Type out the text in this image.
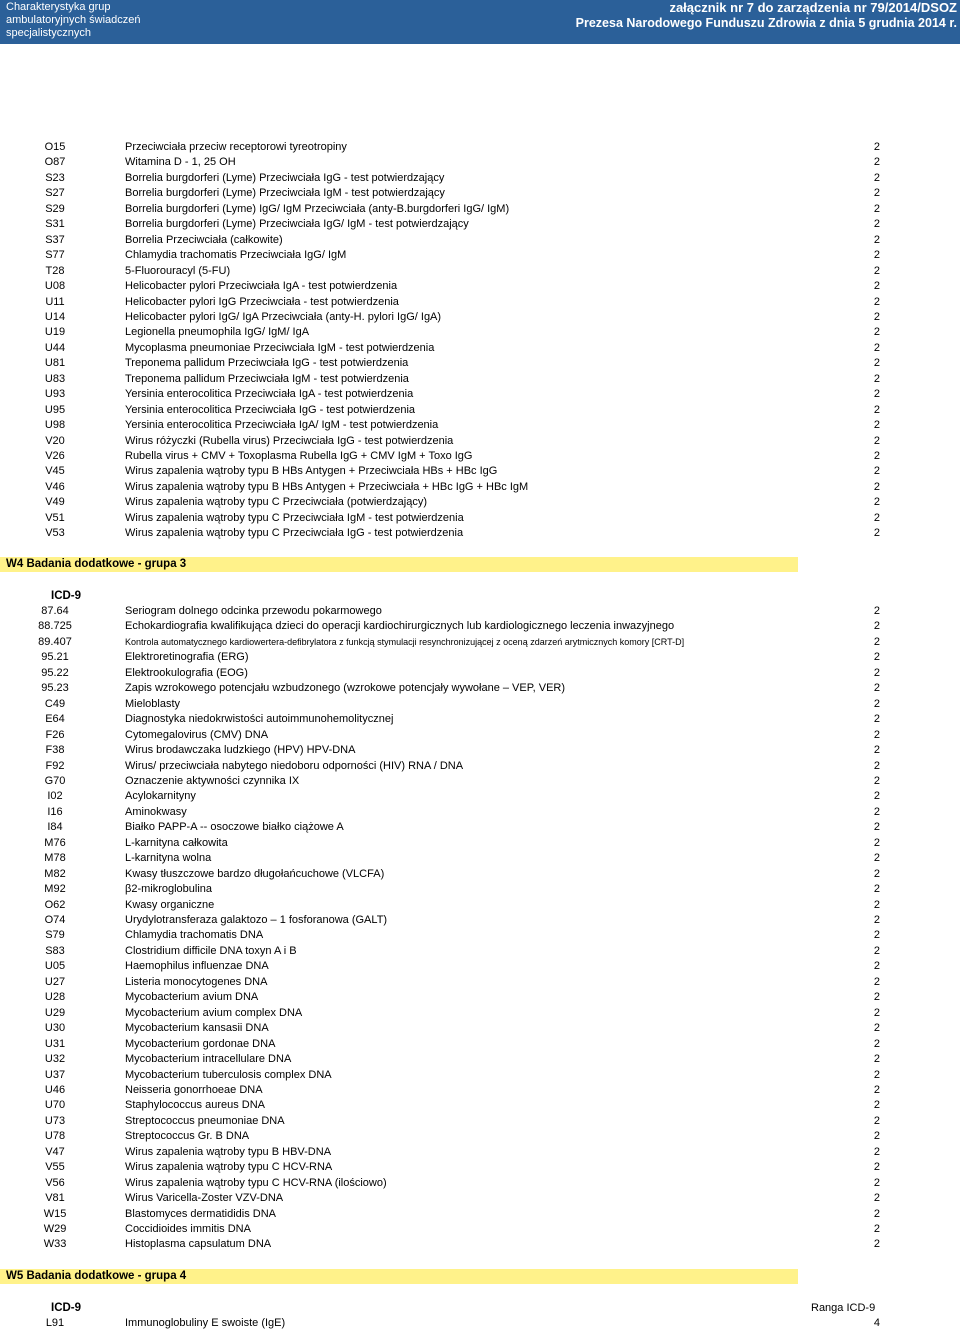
Charakterystyka grup
ambulatoryjnych świadczeń
specjalistycznych
załącznik nr 7 do zarządzenia nr 79/2014/DSOZ
Prezesa Narodowego Funduszu Zdrowia z dnia 5 grudnia 2014 r.
O15	Przeciwciała przeciw receptorowi tyreotropiny	2
O87	Witamina D - 1, 25 OH	2
S23	Borrelia burgdorferi (Lyme) Przeciwciała IgG - test potwierdzający	2
S27	Borrelia burgdorferi (Lyme) Przeciwciała IgM - test potwierdzający	2
S29	Borrelia burgdorferi (Lyme) IgG/ IgM Przeciwciała (anty-B.burgdorferi IgG/ IgM)	2
S31	Borrelia burgdorferi (Lyme) Przeciwciała IgG/ IgM - test potwierdzający	2
S37	Borrelia Przeciwciała (całkowite)	2
S77	Chlamydia trachomatis Przeciwciała IgG/ IgM	2
T28	5-Fluorouracyl (5-FU)	2
U08	Helicobacter pylori Przeciwciała IgA - test potwierdzenia	2
U11	Helicobacter pylori IgG Przeciwciała - test potwierdzenia	2
U14	Helicobacter pylori IgG/ IgA Przeciwciała (anty-H. pylori IgG/ IgA)	2
U19	Legionella pneumophila IgG/ IgM/ IgA	2
U44	Mycoplasma pneumoniae Przeciwciała IgM - test potwierdzenia	2
U81	Treponema pallidum Przeciwciała IgG - test potwierdzenia	2
U83	Treponema pallidum Przeciwciała IgM - test potwierdzenia	2
U93	Yersinia enterocolitica Przeciwciała IgA - test potwierdzenia	2
U95	Yersinia enterocolitica Przeciwciała IgG - test potwierdzenia	2
U98	Yersinia enterocolitica Przeciwciała IgA/ IgM - test potwierdzenia	2
V20	Wirus różyczki (Rubella virus) Przeciwciała IgG - test potwierdzenia	2
V26	Rubella virus + CMV + Toxoplasma Rubella IgG + CMV IgM + Toxo IgG	2
V45	Wirus zapalenia wątroby typu B HBs Antygen + Przeciwciała HBs + HBc IgG	2
V46	Wirus zapalenia wątroby typu B HBs Antygen + Przeciwciała + HBc IgG + HBc IgM	2
V49	Wirus zapalenia wątroby typu C Przeciwciała (potwierdzający)	2
V51	Wirus zapalenia wątroby typu C Przeciwciała IgM - test potwierdzenia	2
V53	Wirus zapalenia wątroby typu C Przeciwciała IgG - test potwierdzenia	2
W4 Badania dodatkowe - grupa 3
ICD-9
87.64	Seriogram dolnego odcinka przewodu pokarmowego	2
88.725	Echokardiografia kwalifikująca dzieci do operacji kardiochirurgicznych lub kardiologicznego leczenia inwazyjnego	2
89.407	Kontrola automatycznego kardiowertera-defibrylatora z funkcją stymulacji resynchronizującej z oceną zdarzeń arytmicznych komory [CRT-D]	2
95.21	Elektroretinografia (ERG)	2
95.22	Elektrookulografia (EOG)	2
95.23	Zapis wzrokowego potencjału wzbudzonego (wzrokowe potencjały wywołane – VEP, VER)	2
C49	Mieloblasty	2
E64	Diagnostyka niedokrwistości autoimmunohemolitycznej	2
F26	Cytomegalovirus (CMV) DNA	2
F38	Wirus brodawczaka ludzkiego (HPV) HPV-DNA	2
F92	Wirus/ przeciwciała nabytego niedoboru odporności (HIV) RNA / DNA	2
G70	Oznaczenie aktywności czynnika IX	2
I02	Acylokarnityny	2
I16	Aminokwasy	2
I84	Białko PAPP-A -- osoczowe białko ciążowe A	2
M76	L-karnityna całkowita	2
M78	L-karnityna wolna	2
M82	Kwasy tłuszczowe bardzo długołańcuchowe (VLCFA)	2
M92	β2-mikroglobulina	2
O62	Kwasy organiczne	2
O74	Urydylotransferaza galaktozo – 1 fosforanowa (GALT)	2
S79	Chlamydia trachomatis DNA	2
S83	Clostridium difficile DNA toxyn A i B	2
U05	Haemophilus influenzae DNA	2
U27	Listeria monocytogenes DNA	2
U28	Mycobacterium avium DNA	2
U29	Mycobacterium avium complex DNA	2
U30	Mycobacterium kansasii DNA	2
U31	Mycobacterium gordonae DNA	2
U32	Mycobacterium intracellulare DNA	2
U37	Mycobacterium tuberculosis complex DNA	2
U46	Neisseria gonorrhoeae DNA	2
U70	Staphylococcus aureus DNA	2
U73	Streptococcus pneumoniae DNA	2
U78	Streptococcus Gr. B DNA	2
V47	Wirus zapalenia wątroby typu B HBV-DNA	2
V55	Wirus zapalenia wątroby typu C HCV-RNA	2
V56	Wirus zapalenia wątroby typu C HCV-RNA (ilościowo)	2
V81	Wirus Varicella-Zoster VZV-DNA	2
W15	Blastomyces dermatididis DNA	2
W29	Coccidioides immitis DNA	2
W33	Histoplasma capsulatum DNA	2
W5 Badania dodatkowe - grupa 4
ICD-9	Ranga ICD-9
L91	Immunoglobuliny E swoiste (IgE)	4
